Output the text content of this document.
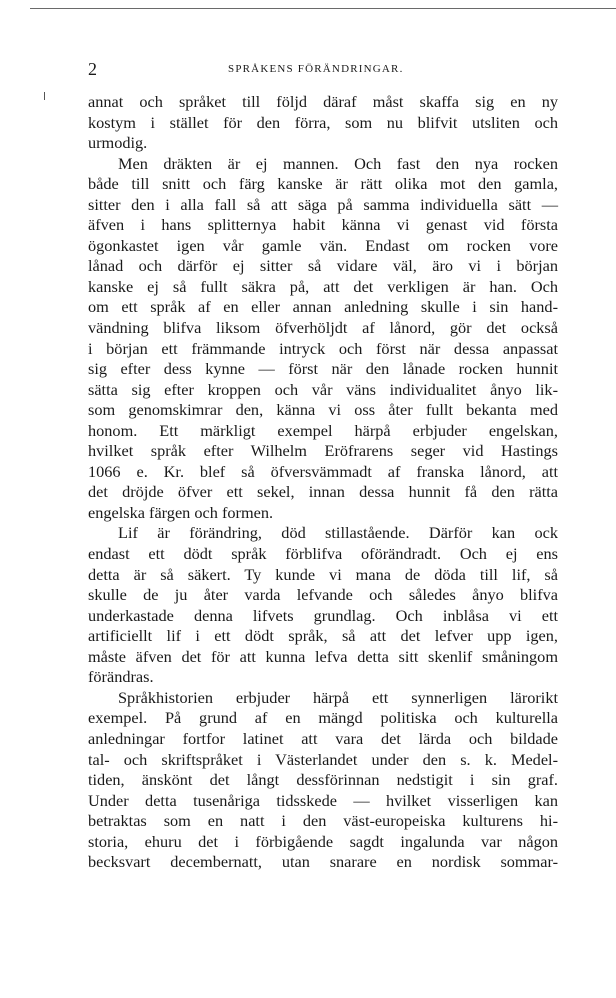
2	SPRÅKENS FÖRÄNDRINGAR.
annat och språket till följd däraf måst skaffa sig en ny
kostym i stället för den förra, som nu blifvit utsliten och
urmodig.
Men dräkten är ej mannen. Och fast den nya rocken
både till snitt och färg kanske är rätt olika mot den gamla,
sitter den i alla fall så att säga på samma individuella sätt —
äfven i hans splitternya habit känna vi genast vid första
ögonkastet igen vår gamle vän. Endast om rocken vore
lånad och därför ej sitter så vidare väl, äro vi i början
kanske ej så fullt säkra på, att det verkligen är han. Och
om ett språk af en eller annan anledning skulle i sin hand-
vändning blifva liksom öfverhöljdt af lånord, gör det också
i början ett främmande intryck och först när dessa anpassat
sig efter dess kynne — först när den lånade rocken hunnit
sätta sig efter kroppen och vår väns individualitet ånyo lik-
som genomskimrar den, känna vi oss åter fullt bekanta med
honom. Ett märkligt exempel härpå erbjuder engelskan,
hvilket språk efter Wilhelm Eröfrarens seger vid Hastings
1066 e. Kr. blef så öfversvämmadt af franska lånord, att
det dröjde öfver ett sekel, innan dessa hunnit få den rätta
engelska färgen och formen.
Lif är förändring, död stillastående. Därför kan ock
endast ett dödt språk förblifva oförändradt. Och ej ens
detta är så säkert. Ty kunde vi mana de döda till lif, så
skulle de ju åter varda lefvande och således ånyo blifva
underkastade denna lifvets grundlag. Och inblåsa vi ett
artificiellt lif i ett dödt språk, så att det lefver upp igen,
måste äfven det för att kunna lefva detta sitt skenlif småningom
förändras.
Språkhistorien erbjuder härpå ett synnerligen lärorikt
exempel. På grund af en mängd politiska och kulturella
anledningar fortfor latinet att vara det lärda och bildade
tal- och skriftspråket i Västerlandet under den s. k. Medel-
tiden, änskönt det långt dessförinnan nedstigit i sin graf.
Under detta tusenåriga tidsskede — hvilket visserligen kan
betraktas som en natt i den väst-europeiska kulturens hi-
storia, ehuru det i förbigående sagdt ingalunda var någon
becksvart decembernatt, utan snarare en nordisk sommar-
